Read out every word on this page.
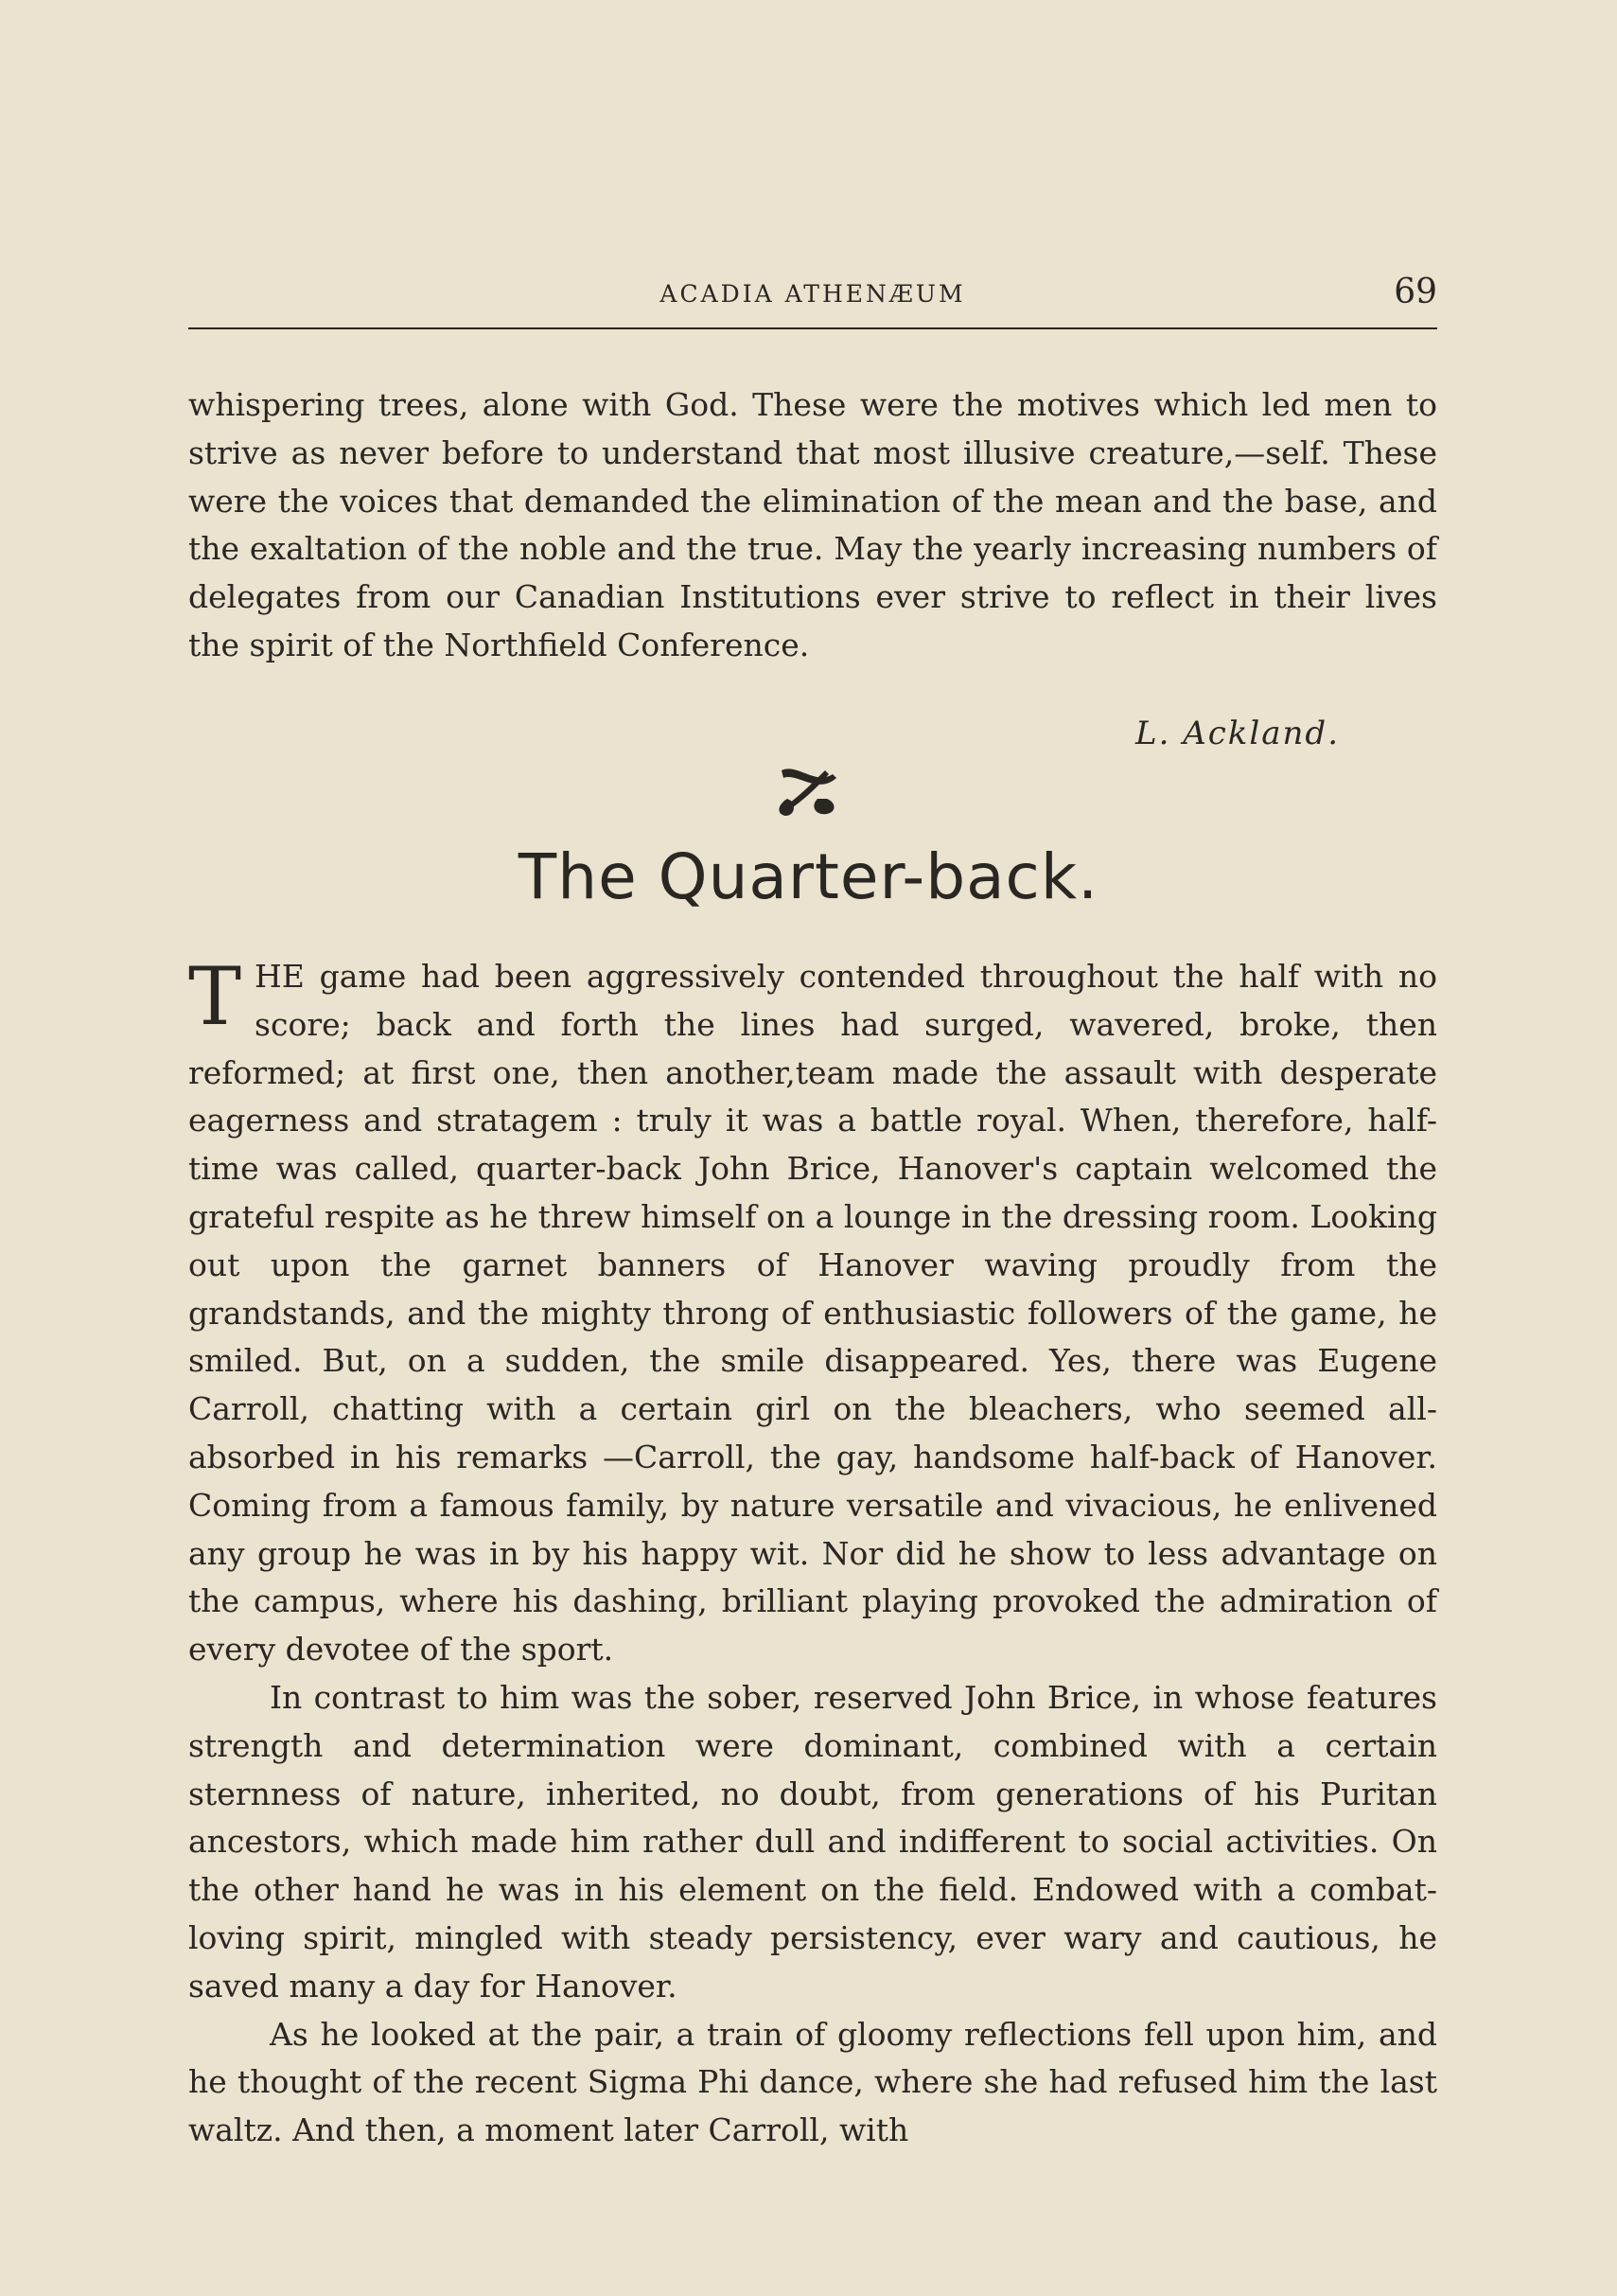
ACADIA ATHENÆUM	69

whispering trees, alone with God. These were the motives which led men to strive as never before to understand that most illusive creature,—self. These were the voices that demanded the elimination of the mean and the base, and the exaltation of the noble and the true. May the yearly increasing numbers of delegates from our Canadian Institutions ever strive to reflect in their lives the spirit of the Northfield Conference.

L. Ackland.
The Quarter-back.

THE game had been aggressively contended throughout the half with no score; back and forth the lines had surged, wavered, broke, then reformed; at first one, then another,team made the assault with desperate eagerness and stratagem : truly it was a battle royal. When, therefore, half-time was called, quarter-back John Brice, Hanover's captain welcomed the grateful respite as he threw himself on a lounge in the dressing room. Looking out upon the garnet banners of Hanover waving proudly from the grandstands, and the mighty throng of enthusiastic followers of the game, he smiled. But, on a sudden, the smile disappeared. Yes, there was Eugene Carroll, chatting with a certain girl on the bleachers, who seemed all-absorbed in his remarks —Carroll, the gay, handsome half-back of Hanover. Coming from a famous family, by nature versatile and vivacious, he enlivened any group he was in by his happy wit. Nor did he show to less advantage on the campus, where his dashing, brilliant playing provoked the admiration of every devotee of the sport.

In contrast to him was the sober, reserved John Brice, in whose features strength and determination were dominant, combined with a certain sternness of nature, inherited, no doubt, from generations of his Puritan ancestors, which made him rather dull and indifferent to social activities. On the other hand he was in his element on the field. Endowed with a combat-loving spirit, mingled with steady persistency, ever wary and cautious, he saved many a day for Hanover.

As he looked at the pair, a train of gloomy reflections fell upon him, and he thought of the recent Sigma Phi dance, where she had refused him the last waltz. And then, a moment later Carroll, with
